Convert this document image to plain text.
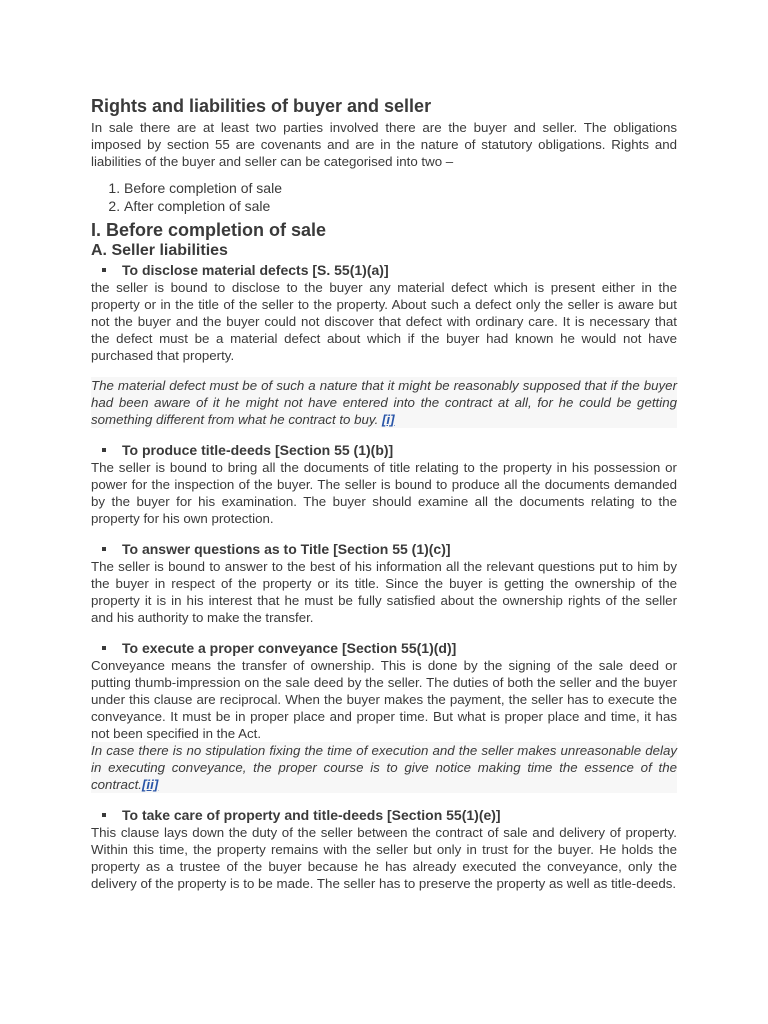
Rights and liabilities of buyer and seller

In sale there are at least two parties involved there are the buyer and seller. The obligations imposed by section 55 are covenants and are in the nature of statutory obligations. Rights and liabilities of the buyer and seller can be categorised into two –

1. Before completion of sale
2. After completion of sale
I. Before completion of sale
A. Seller liabilities
To disclose material defects [S. 55(1)(a)]

the seller is bound to disclose to the buyer any material defect which is present either in the property or in the title of the seller to the property. About such a defect only the seller is aware but not the buyer and the buyer could not discover that defect with ordinary care. It is necessary that the defect must be a material defect about which if the buyer had known he would not have purchased that property.

The material defect must be of such a nature that it might be reasonably supposed that if the buyer had been aware of it he might not have entered into the contract at all, for he could be getting something different from what he contract to buy. [i]

To produce title-deeds [Section 55 (1)(b)]

The seller is bound to bring all the documents of title relating to the property in his possession or power for the inspection of the buyer. The seller is bound to produce all the documents demanded by the buyer for his examination. The buyer should examine all the documents relating to the property for his own protection.

To answer questions as to Title [Section 55 (1)(c)]

The seller is bound to answer to the best of his information all the relevant questions put to him by the buyer in respect of the property or its title. Since the buyer is getting the ownership of the property it is in his interest that he must be fully satisfied about the ownership rights of the seller and his authority to make the transfer.

To execute a proper conveyance [Section 55(1)(d)]

Conveyance means the transfer of ownership. This is done by the signing of the sale deed or putting thumb-impression on the sale deed by the seller. The duties of both the seller and the buyer under this clause are reciprocal. When the buyer makes the payment, the seller has to execute the conveyance. It must be in proper place and proper time. But what is proper place and time, it has not been specified in the Act.

In case there is no stipulation fixing the time of execution and the seller makes unreasonable delay in executing conveyance, the proper course is to give notice making time the essence of the contract.[ii]

To take care of property and title-deeds [Section 55(1)(e)]

This clause lays down the duty of the seller between the contract of sale and delivery of property. Within this time, the property remains with the seller but only in trust for the buyer. He holds the property as a trustee of the buyer because he has already executed the conveyance, only the delivery of the property is to be made. The seller has to preserve the property as well as title-deeds.
